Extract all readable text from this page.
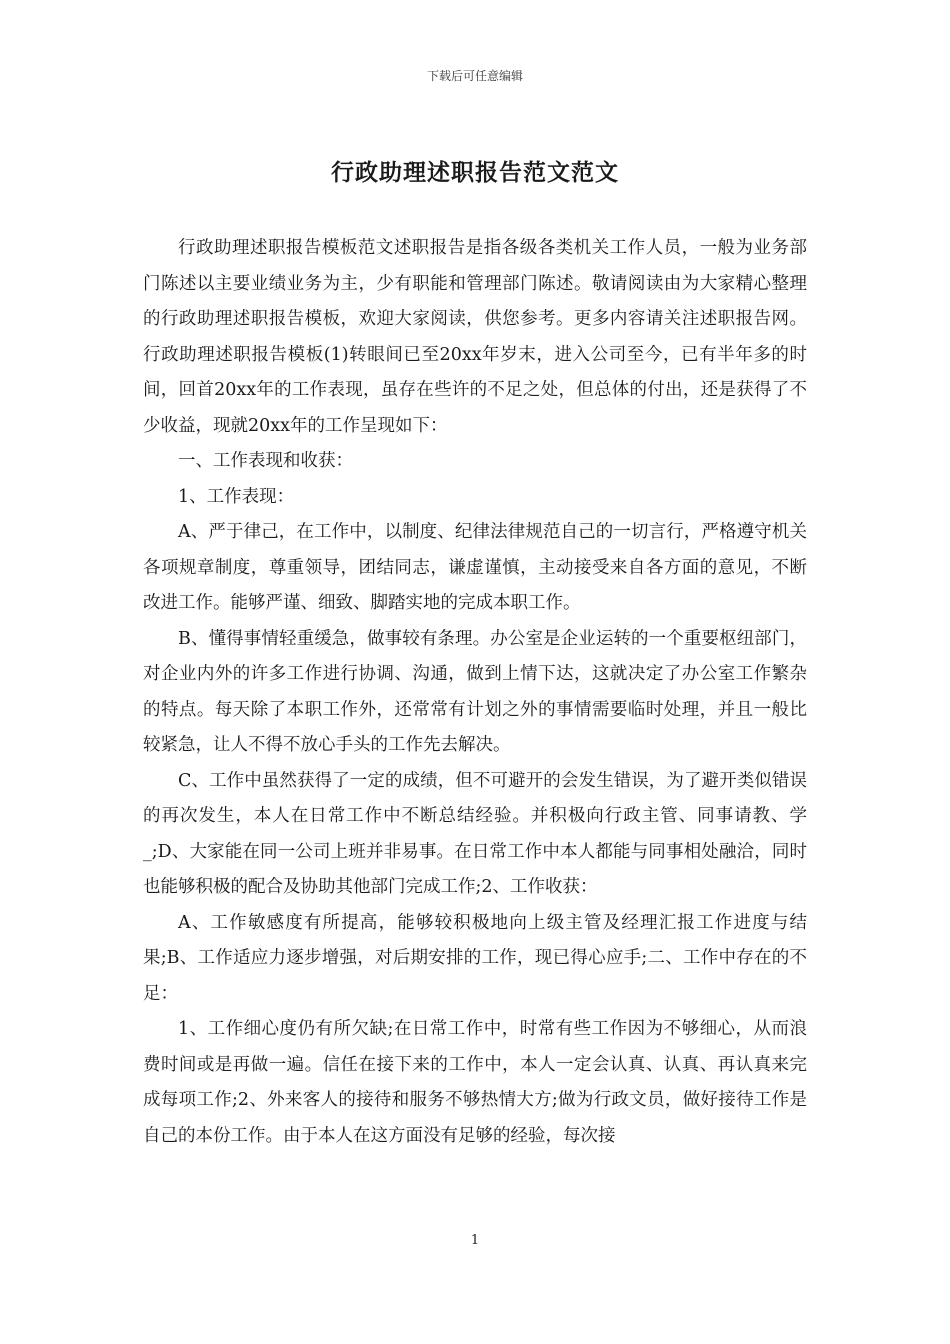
下载后可任意编辑
行政助理述职报告范文范文

行政助理述职报告模板范文述职报告是指各级各类机关工作人员，一般为业务部门陈述以主要业绩业务为主，少有职能和管理部门陈述。敬请阅读由为大家精心整理的行政助理述职报告模板，欢迎大家阅读，供您参考。更多内容请关注述职报告网。行政助理述职报告模板(1)转眼间已至20xx年岁末，进入公司至今，已有半年多的时间，回首20xx年的工作表现，虽存在些许的不足之处，但总体的付出，还是获得了不少收益，现就20xx年的工作呈现如下：

一、工作表现和收获：

1、工作表现：

A、严于律己，在工作中，以制度、纪律法律规范自己的一切言行，严格遵守机关各项规章制度，尊重领导，团结同志，谦虚谨慎，主动接受来自各方面的意见，不断改进工作。能够严谨、细致、脚踏实地的完成本职工作。

B、懂得事情轻重缓急，做事较有条理。办公室是企业运转的一个重要枢纽部门，对企业内外的许多工作进行协调、沟通，做到上情下达，这就决定了办公室工作繁杂的特点。每天除了本职工作外，还常常有计划之外的事情需要临时处理，并且一般比较紧急，让人不得不放心手头的工作先去解决。

C、工作中虽然获得了一定的成绩，但不可避开的会发生错误，为了避开类似错误的再次发生，本人在日常工作中不断总结经验。并积极向行政主管、同事请教、学_;D、大家能在同一公司上班并非易事。在日常工作中本人都能与同事相处融洽，同时也能够积极的配合及协助其他部门完成工作;2、工作收获：

A、工作敏感度有所提高，能够较积极地向上级主管及经理汇报工作进度与结果;B、工作适应力逐步增强，对后期安排的工作，现已得心应手;二、工作中存在的不足：

1、工作细心度仍有所欠缺;在日常工作中，时常有些工作因为不够细心，从而浪费时间或是再做一遍。信任在接下来的工作中，本人一定会认真、认真、再认真来完成每项工作;2、外来客人的接待和服务不够热情大方;做为行政文员，做好接待工作是自己的本份工作。由于本人在这方面没有足够的经验，每次接

1
